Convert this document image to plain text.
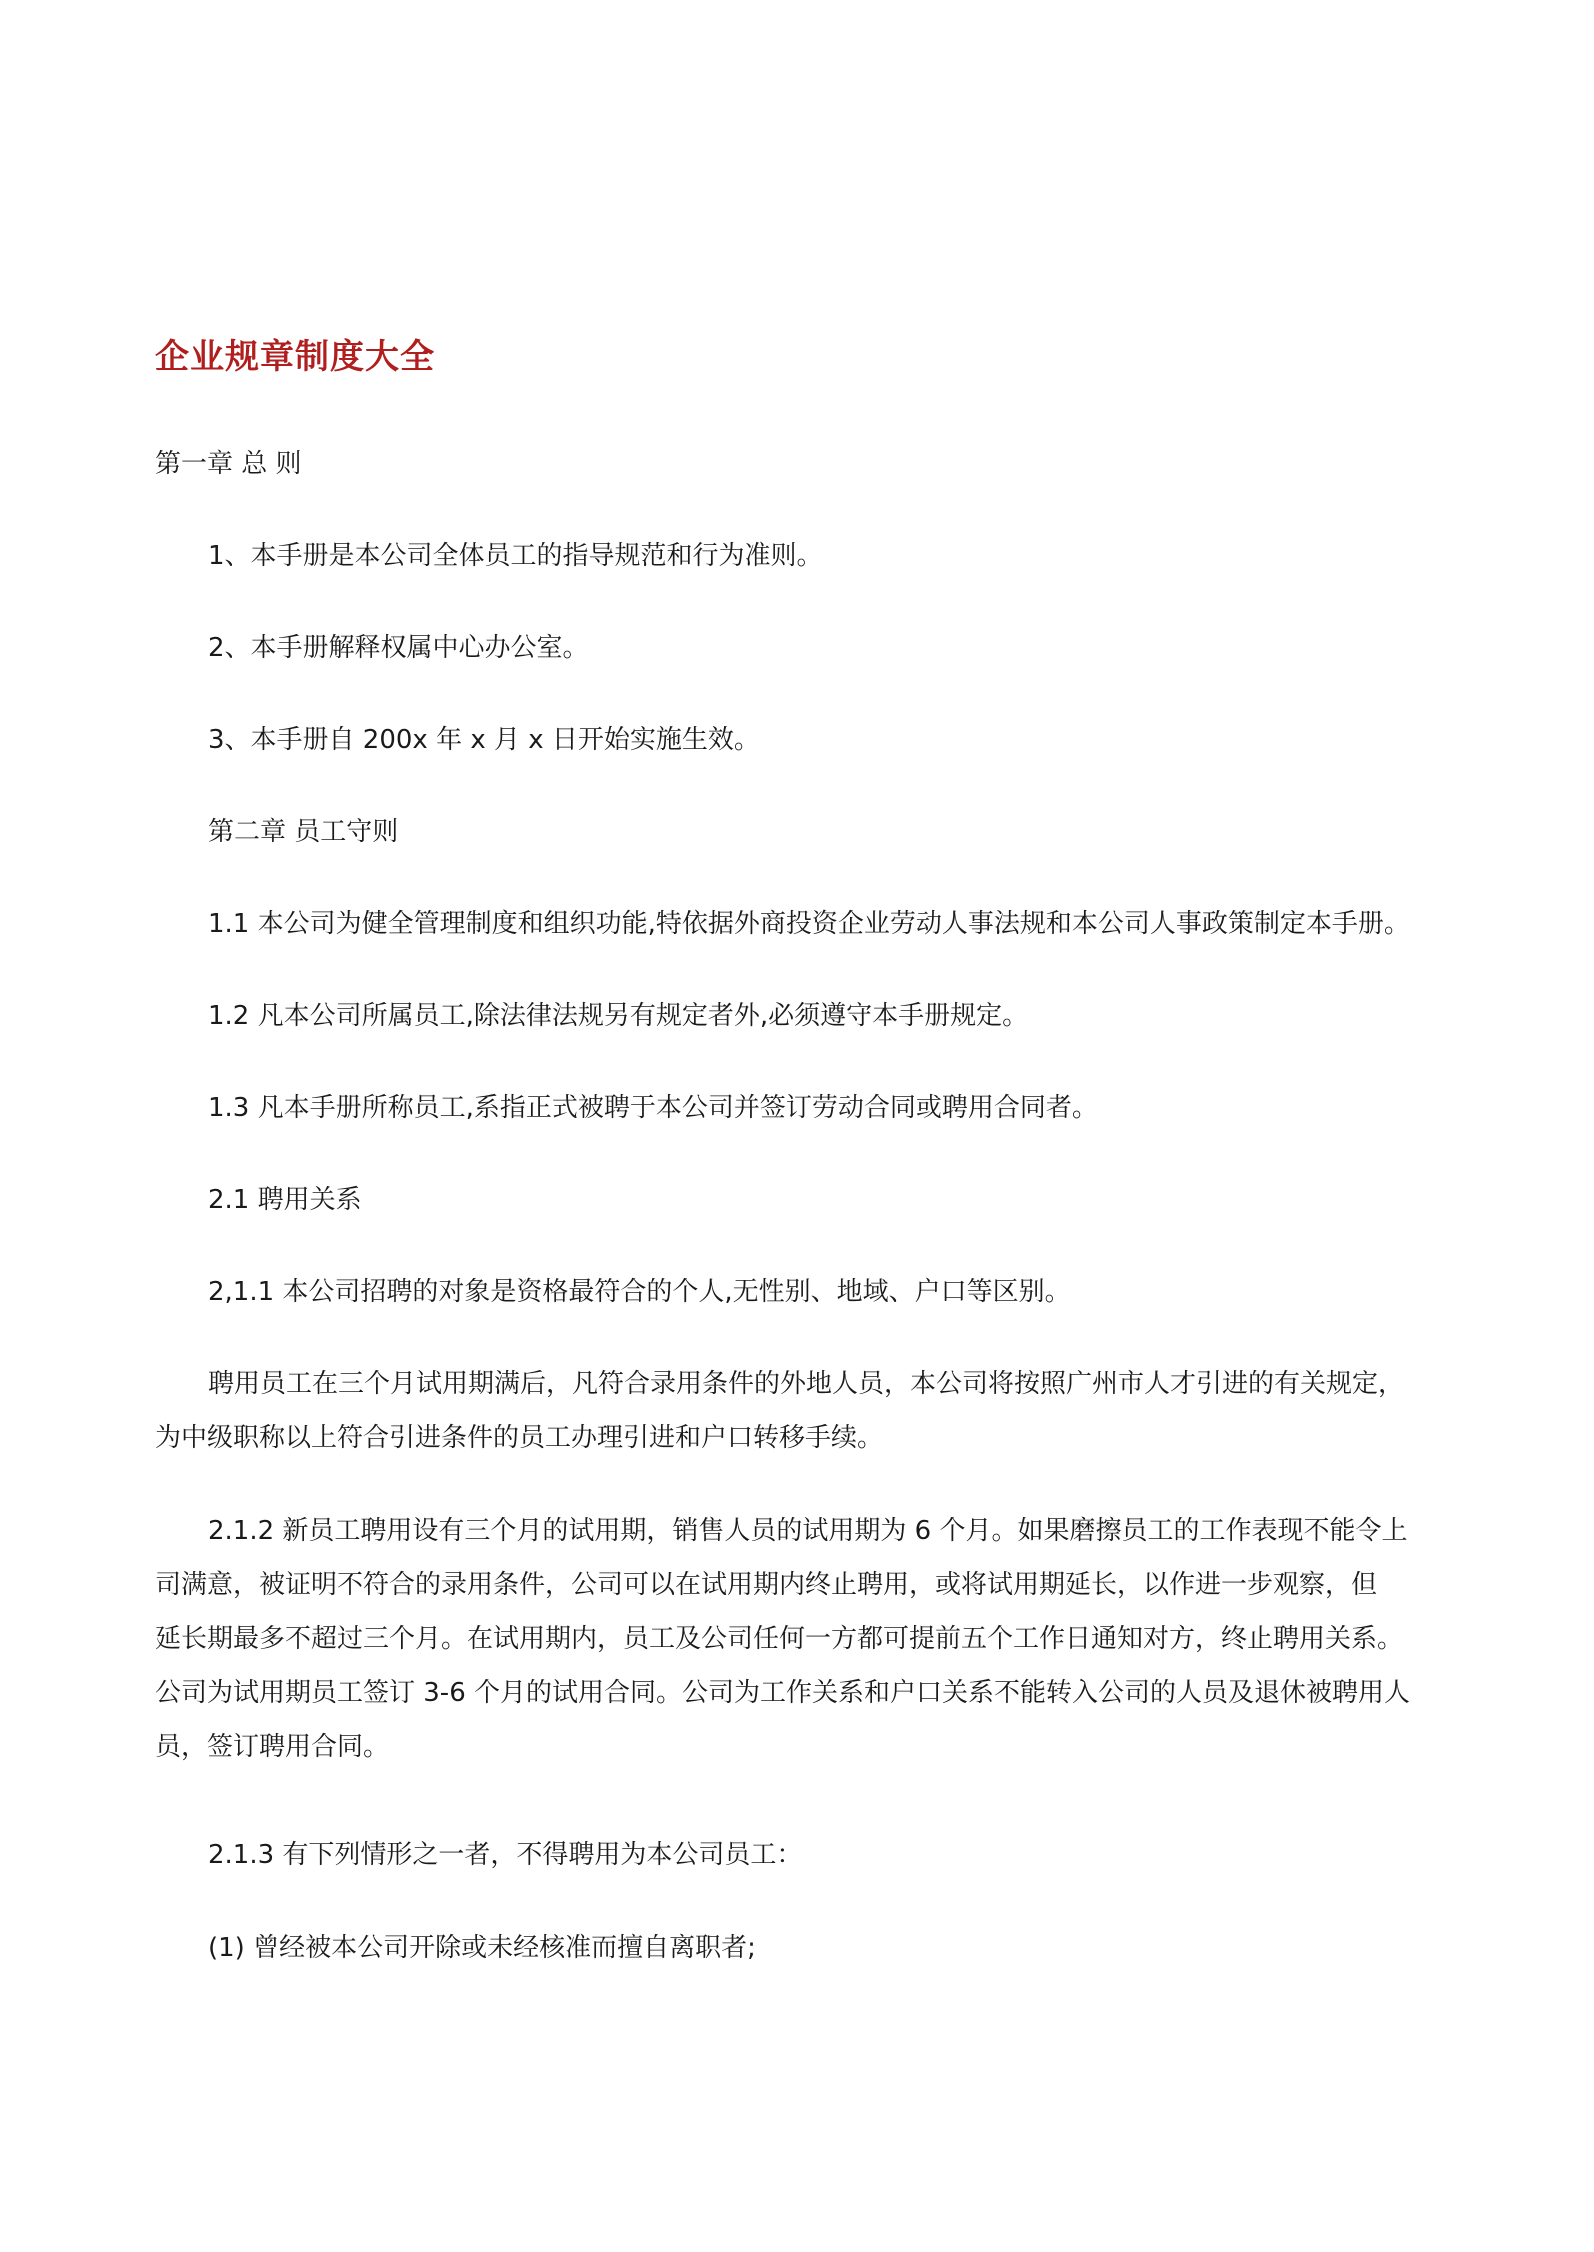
企业规章制度大全
第一章 总 则
1、本手册是本公司全体员工的指导规范和行为准则。
2、本手册解释权属中心办公室。
3、本手册自 200x 年 x 月 x 日开始实施生效。
第二章 员工守则
1.1 本公司为健全管理制度和组织功能,特依据外商投资企业劳动人事法规和本公司人事政策制定本手册。
1.2 凡本公司所属员工,除法律法规另有规定者外,必须遵守本手册规定。
1.3 凡本手册所称员工,系指正式被聘于本公司并签订劳动合同或聘用合同者。
2.1 聘用关系
2,1.1 本公司招聘的对象是资格最符合的个人,无性别、地域、户口等区别。
聘用员工在三个月试用期满后，凡符合录用条件的外地人员，本公司将按照广州市人才引进的有关规定，
为中级职称以上符合引进条件的员工办理引进和户口转移手续。
2.1.2 新员工聘用设有三个月的试用期，销售人员的试用期为 6 个月。如果磨擦员工的工作表现不能令上
司满意，被证明不符合的录用条件，公司可以在试用期内终止聘用，或将试用期延长，以作进一步观察，但
延长期最多不超过三个月。在试用期内，员工及公司任何一方都可提前五个工作日通知对方，终止聘用关系。
公司为试用期员工签订 3-6 个月的试用合同。公司为工作关系和户口关系不能转入公司的人员及退休被聘用人
员，签订聘用合同。
2.1.3 有下列情形之一者，不得聘用为本公司员工：
(1) 曾经被本公司开除或未经核准而擅自离职者;
